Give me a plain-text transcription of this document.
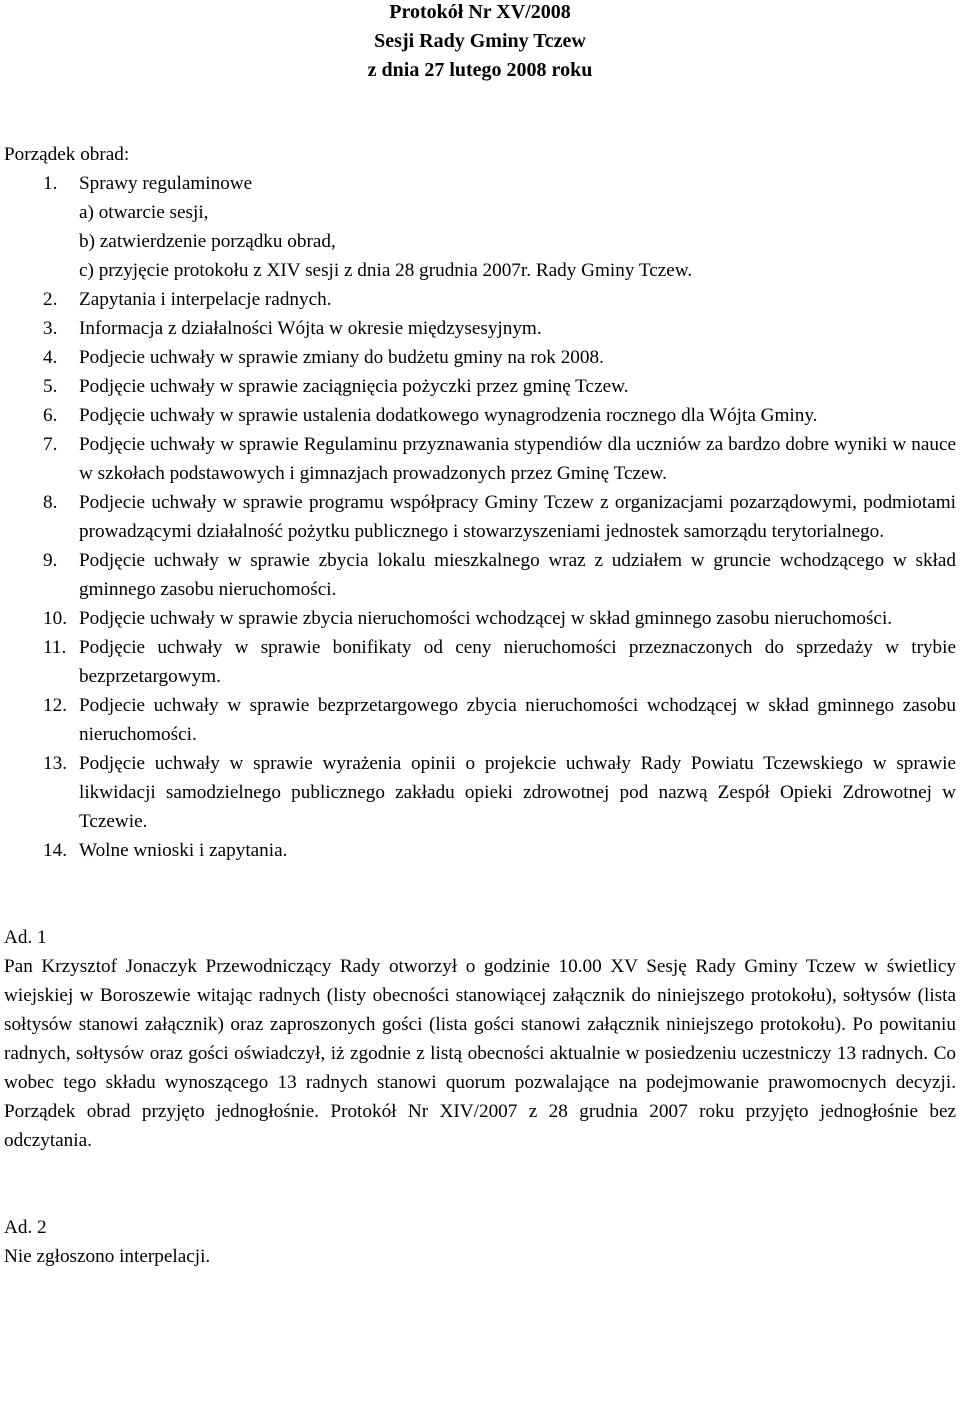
Protokół Nr XV/2008
Sesji Rady Gminy Tczew
z dnia 27 lutego 2008 roku
Porządek obrad:
1.	Sprawy regulaminowe
a) otwarcie sesji,
b) zatwierdzenie porządku obrad,
c) przyjęcie protokołu z XIV sesji z dnia 28 grudnia 2007r. Rady Gminy Tczew.
2.	Zapytania i interpelacje radnych.
3.	Informacja z działalności Wójta w okresie międzysesyjnym.
4.	Podjecie uchwały w sprawie zmiany do budżetu gminy na rok 2008.
5.	Podjęcie uchwały w sprawie zaciągnięcia pożyczki przez gminę Tczew.
6.	Podjęcie uchwały w sprawie ustalenia dodatkowego wynagrodzenia rocznego dla Wójta Gminy.
7.	Podjęcie uchwały w sprawie Regulaminu przyznawania stypendiów dla uczniów za bardzo dobre wyniki w nauce w szkołach podstawowych i gimnazjach prowadzonych przez Gminę Tczew.
8.	Podjecie uchwały w sprawie programu współpracy Gminy Tczew z organizacjami pozarządowymi, podmiotami prowadzącymi działalność pożytku publicznego i stowarzyszeniami jednostek samorządu terytorialnego.
9.	Podjęcie uchwały w sprawie zbycia lokalu mieszkalnego wraz z udziałem w gruncie wchodzącego w skład gminnego zasobu nieruchomości.
10. Podjęcie uchwały w sprawie zbycia nieruchomości wchodzącej w skład gminnego zasobu nieruchomości.
11. Podjęcie uchwały w sprawie bonifikaty od ceny nieruchomości przeznaczonych do sprzedaży w trybie bezprzetargowym.
12. Podjecie uchwały w sprawie bezprzetargowego zbycia nieruchomości wchodzącej w skład gminnego zasobu nieruchomości.
13. Podjęcie uchwały w sprawie wyrażenia opinii o projekcie uchwały Rady Powiatu Tczewskiego w sprawie likwidacji samodzielnego publicznego zakładu opieki zdrowotnej pod nazwą Zespół Opieki Zdrowotnej w Tczewie.
14. Wolne wnioski i zapytania.
Ad. 1
Pan Krzysztof Jonaczyk Przewodniczący Rady otworzył o godzinie 10.00 XV Sesję Rady Gminy Tczew w świetlicy wiejskiej w Boroszewie witając radnych (listy obecności stanowiącej załącznik do niniejszego protokołu), sołtysów (lista sołtysów stanowi załącznik) oraz zaproszonych gości (lista gości stanowi załącznik niniejszego protokołu). Po powitaniu radnych, sołtysów oraz gości oświadczył, iż zgodnie z listą obecności aktualnie w posiedzeniu uczestniczy 13 radnych. Co wobec tego składu wynoszącego 13 radnych stanowi quorum pozwalające na podejmowanie prawomocnych decyzji. Porządek obrad przyjęto jednogłośnie. Protokół Nr XIV/2007 z 28 grudnia 2007 roku przyjęto jednogłośnie bez odczytania.
Ad. 2
Nie zgłoszono interpelacji.
